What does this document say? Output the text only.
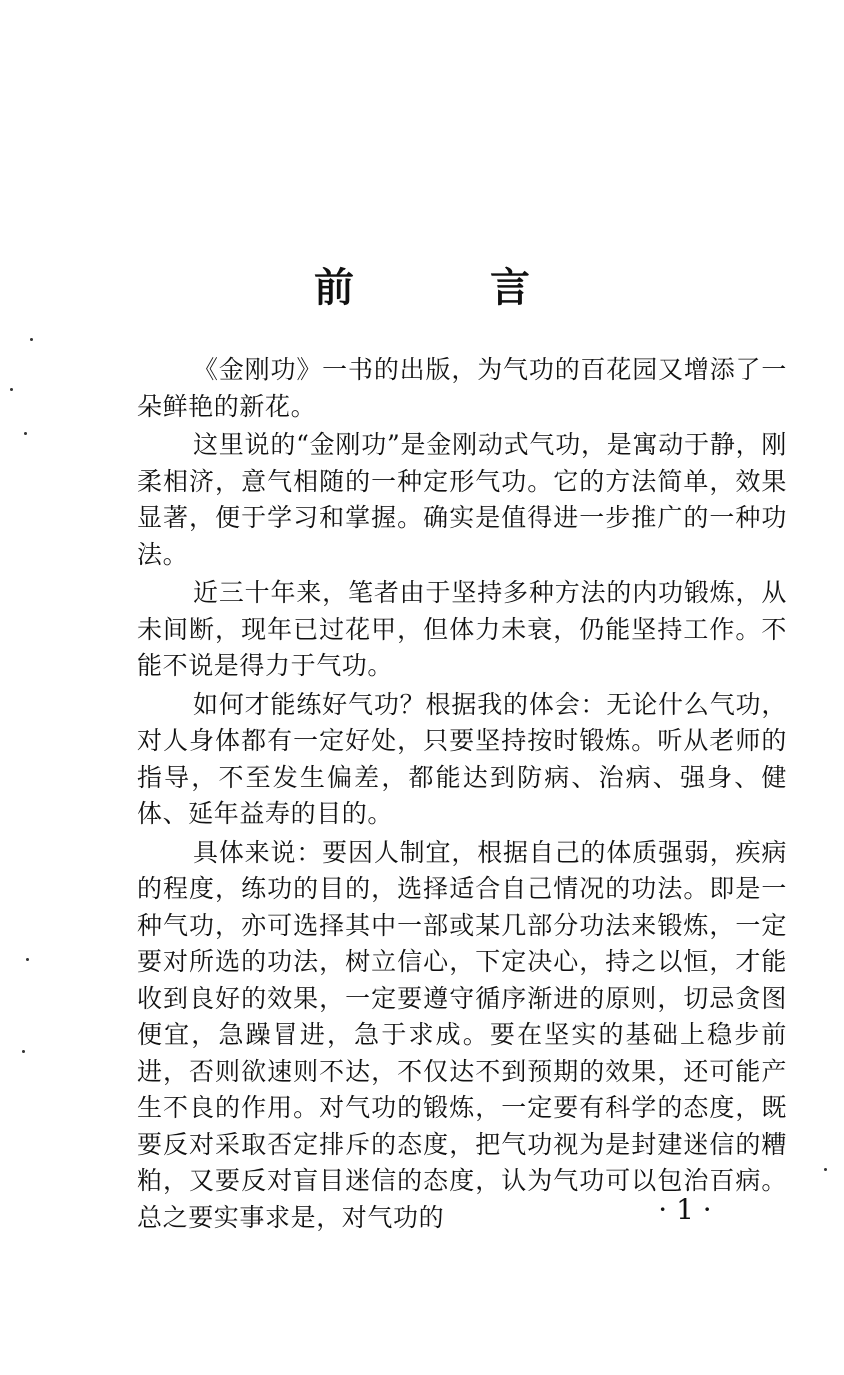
前　言

《金刚功》一书的出版，为气功的百花园又增添了一朵鲜艳的新花。

这里说的“金刚功”是金刚动式气功，是寓动于静，刚柔相济，意气相随的一种定形气功。它的方法简单，效果显著，便于学习和掌握。确实是值得进一步推广的一种功法。

近三十年来，笔者由于坚持多种方法的内功锻炼，从未间断，现年已过花甲，但体力未衰，仍能坚持工作。不能不说是得力于气功。

如何才能练好气功？根据我的体会：无论什么气功，对人身体都有一定好处，只要坚持按时锻炼。听从老师的指导，不至发生偏差，都能达到防病、治病、强身、健体、延年益寿的目的。

具体来说：要因人制宜，根据自己的体质强弱，疾病的程度，练功的目的，选择适合自己情况的功法。即是一种气功，亦可选择其中一部或某几部分功法来锻炼，一定要对所选的功法，树立信心，下定决心，持之以恒，才能收到良好的效果，一定要遵守循序渐进的原则，切忌贪图便宜，急躁冒进，急于求成。要在坚实的基础上稳步前进，否则欲速则不达，不仅达不到预期的效果，还可能产生不良的作用。对气功的锻炼，一定要有科学的态度，既要反对采取否定排斥的态度，把气功视为是封建迷信的糟粕，又要反对盲目迷信的态度，认为气功可以包治百病。总之要实事求是，对气功的	· 1 ·
